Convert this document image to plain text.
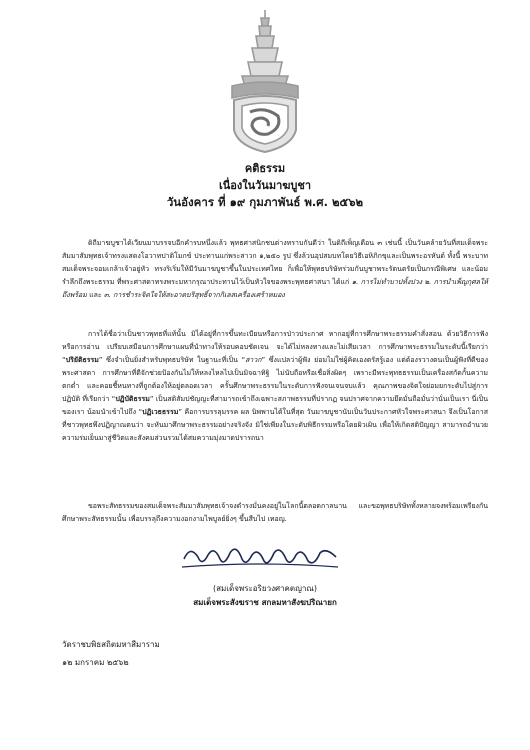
คติธรรม
เนื่องในวันมาฆบูชา
วันอังคาร ที่ ๑๙ กุมภาพันธ์ พ.ศ. ๒๕๖๒

ดิถีมาฆบูชาได้เวียนมาบรรจบอีกคำรบหนึ่งแล้ว พุทธศาสนิกชนต่างทราบกันดีว่า ในดิถีเพ็ญเดือน ๓ เช่นนี้ เป็นวันคล้ายวันที่สมเด็จพระสัมมาสัมพุทธเจ้าทรงแสดงโอวาทปาติโมกข์ ประทานแก่พระสาวก ๑,๒๕๐ รูป ซึ่งล้วนอุปสมบทโดยวิธีเอหิภิกขุและเป็นพระอรหันต์ ทั้งนี้ พระบาทสมเด็จพระจอมเกล้าเจ้าอยู่หัว ทรงริเริ่มให้มีวันมาฆบูชาขึ้นในประเทศไทย ก็เพื่อให้พุทธบริษัทร่วมกันบูชาพระรัตนตรัยเป็นกรณีพิเศษ และน้อมรำลึกถึงพระธรรม ที่พระศาสดาทรงพระมหากรุณาประทานไว้เป็นหัวใจของพระพุทธศาสนา ได้แก่ ๑. การไม่ทำบาปทั้งปวง ๒. การบำเพ็ญกุศลให้ถึงพร้อม และ ๓. การชำระจิตใจให้สะอาดบริสุทธิ์จากกิเลสเครื่องเศร้าหมอง

การได้ชื่อว่าเป็นชาวพุทธที่แท้นั้น มิได้อยู่ที่การขึ้นทะเบียนหรือการป่าวประกาศ หากอยู่ที่การศึกษาพระธรรมคำสั่งสอน ด้วยวิธีการฟังหรือการอ่าน เปรียบเสมือนการศึกษาแผนที่นำทางให้รอบคอบชัดเจน จะได้ไม่หลงทางและไม่เสียเวลา การศึกษาพระธรรมในระดับนี้เรียกว่า “ปริยัติธรรม” ซึ่งจำเป็นยิ่งสำหรับพุทธบริษัท ในฐานะที่เป็น “สาวก” ซึ่งแปลว่าผู้ฟัง ย่อมไม่ใช่ผู้คิดเองตรัสรู้เอง แต่ต้องรวางตนเป็นผู้ฟังที่ดีของพระศาสดา การศึกษาที่ดีจักช่วยป้องกันไม่ให้หลงไหลไปเป็นมิจฉาทิฐิ ไม่นับถือหรือเชื่อสิ่งผิดๆ เพราะมีพระพุทธธรรมเป็นเครื่องสกัดกั้นความตกต่ำ และคอยชี้หนทางที่ถูกต้องให้อยู่ตลอดเวลา ครั้นศึกษาพระธรรมในระดับการฟังจนเจนจบแล้ว คุณภาพของจิตใจย่อมยกระดับไปสู่การปฏิบัติ ที่เรียกว่า “ปฏิบัติธรรม” เป็นสติสัมปชัญญะที่สามารถเข้าถึงเฉพาะสภาพธรรมที่ปรากฏ จนปราศจากความยึดมั่นถือมั่นว่านั่นเป็นเรา นี่เป็นของเรา น้อมนำเข้าไปถึง “ปฏิเวธธรรม” คือการบรรลุมรรค ผล นิพพานได้ในที่สุด วันมาฆบูชานับเป็นวันประกาศหัวใจพระศาสนา จึงเป็นโอกาสที่ชาวพุทธพึงปฏิญาณตนว่า จะหันมาศึกษาพระธรรมอย่างจริงจัง มิใช่เพียงในระดับพิธีกรรมหรือโดยผิวเผิน เพื่อให้เกิดสติปัญญา สามารถอำนวยความร่มเย็นมาสู่ชีวิตและสังคมส่วนรวมได้สมความมุ่งมาดปรารถนา

ขอพระสัทธรรมของสมเด็จพระสัมมาสัมพุทธเจ้าจงดำรงมั่นคงอยู่ในโลกนี้ตลอดกาลนาน และขอพุทธบริษัททั้งหลายจงพร้อมเพรียงกันศึกษาพระสัทธรรมนั้น เพื่อบรรลุถึงความงอกงามไพบูลย์ยิ่งๆ ขึ้นสืบไป เทอญ.

(สมเด็จพระอริยวงศาคตญาณ)
สมเด็จพระสังฆราช สกลมหาสังฆปริณายก
วัดราชบพิธสถิตมหาสีมาราม
๑๒ มกราคม ๒๕๖๒
